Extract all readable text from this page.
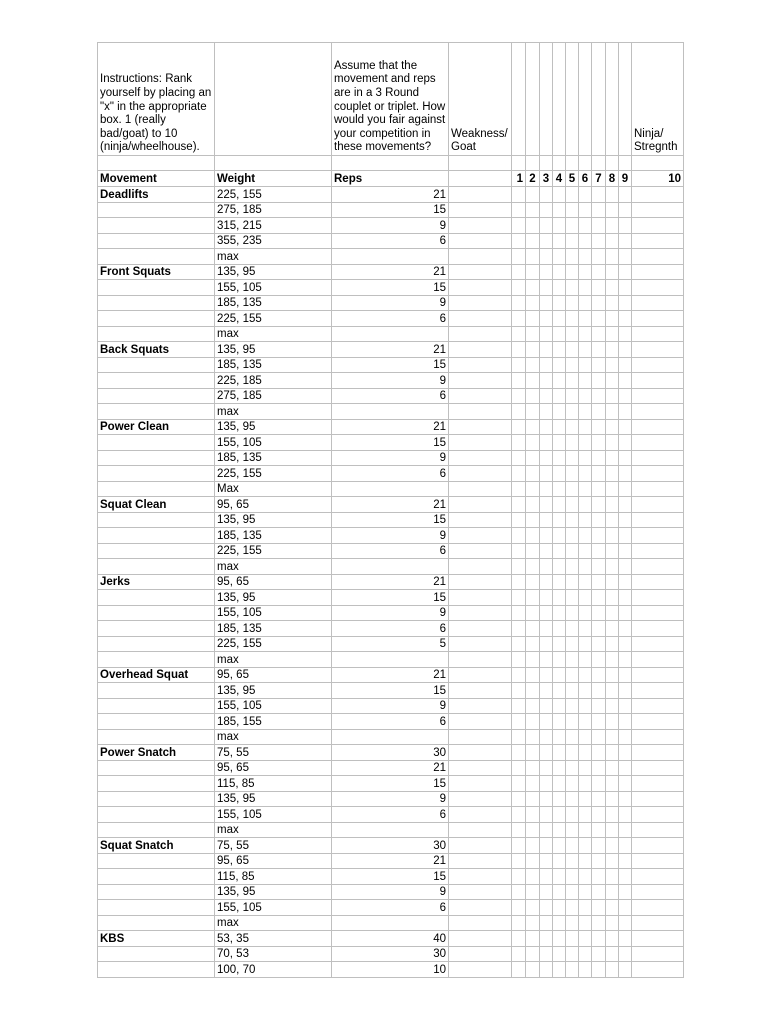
Instructions: Rank yourself by placing an "x" in the appropriate box. 1 (really bad/goat) to 10 (ninja/wheelhouse).		Assume that the movement and reps are in a 3 Round couplet or triplet. How would you fair against your competition in these movements?	Weakness/ Goat										Ninja/ Stregnth

Movement	Weight	Reps		1	2	3	4	5	6	7	8	9	10
Deadlifts	225, 155	21											
	275, 185	15											
	315, 215	9											
	355, 235	6											
	max												
Front Squats	135, 95	21											
	155, 105	15											
	185, 135	9											
	225, 155	6											
	max												
Back Squats	135, 95	21											
	185, 135	15											
	225, 185	9											
	275, 185	6											
	max												
Power Clean	135, 95	21											
	155, 105	15											
	185, 135	9											
	225, 155	6											
	Max												
Squat Clean	95, 65	21											
	135, 95	15											
	185, 135	9											
	225, 155	6											
	max												
Jerks	95, 65	21											
	135, 95	15											
	155, 105	9											
	185, 135	6											
	225, 155	5											
	max												
Overhead Squat	95, 65	21											
	135, 95	15											
	155, 105	9											
	185, 155	6											
	max												
Power Snatch	75, 55	30											
	95, 65	21											
	115, 85	15											
	135, 95	9											
	155, 105	6											
	max												
Squat Snatch	75, 55	30											
	95, 65	21											
	115, 85	15											
	135, 95	9											
	155, 105	6											
	max												
KBS	53, 35	40											
	70, 53	30											
	100, 70	10											
